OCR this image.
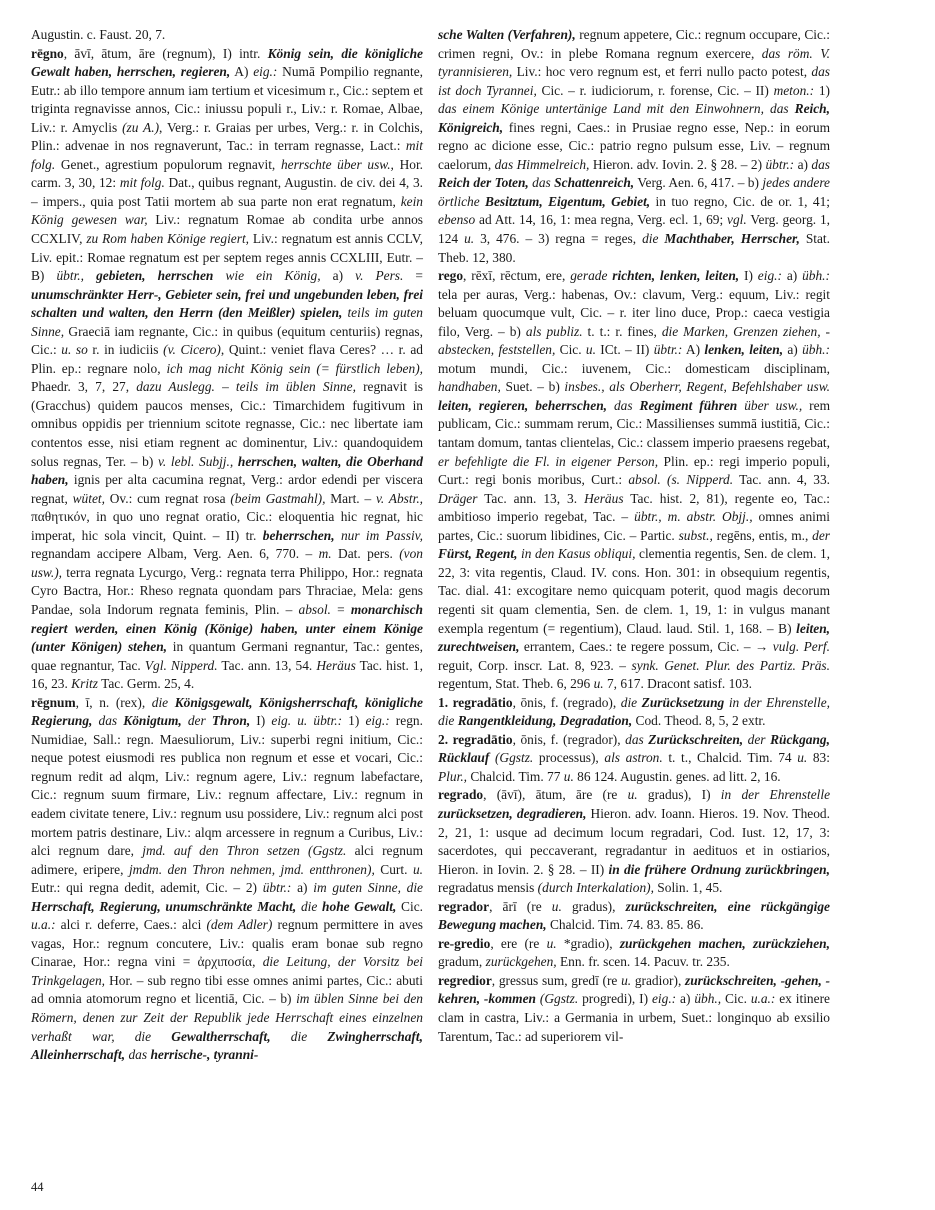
Augustin. c. Faust. 20, 7.

rēgno, āvī, ātum, āre (regnum), I) intr. König sein, die königliche Gewalt haben, herrschen, regieren, A) eig.: Numā Pompilio regnante, Eutr.: ab illo tempore annum iam tertium et vicesimum r., Cic.: septem et triginta regnavisse annos, Cic.: iniussu populi r., Liv.: r. Romae, Albae, Liv.: r. Amyclis (zu A.), Verg.: r. Graias per urbes, Verg.: r. in Colchis, Plin.: advenae in nos regnaverunt, Tac.: in terram regnasse, Lact.: mit folg. Genet., agrestium populorum regnavit, herrschte über usw., Hor. carm. 3, 30, 12: mit folg. Dat., quibus regnant, Augustin. de civ. dei 4, 3. – impers., quia post Tatii mortem ab sua parte non erat regnatum, kein König gewesen war, Liv.: regnatum Romae ab condita urbe annos CCXLIV, zu Rom haben Könige regiert, Liv.: regnatum est annis CCLV, Liv. epit.: Romae regnatum est per septem reges annis CCXLIII, Eutr. – B) übtr., gebieten, herrschen wie ein König, a) v. Pers. = unumschränkter Herr-, Gebieter sein, frei und ungebunden leben, frei schalten und walten, den Herrn (den Meißler) spielen, teils im guten Sinne, Graeciā iam regnante, Cic.: in quibus (equitum centuriis) regnas, Cic.: u. so r. in iudiciis (v. Cicero), Quint.: veniet flava Ceres? … r. ad Plin. ep.: regnare nolo, ich mag nicht König sein (= fürstlich leben), Phaedr. 3, 7, 27, dazu Auslegg. – teils im üblen Sinne, regnavit is (Gracchus) quidem paucos menses, Cic.: Timarchidem fugitivum in omnibus oppidis per triennium scitote regnasse, Cic.: nec libertate iam contentos esse, nisi etiam regnent ac dominentur, Liv.: quandoquidem solus regnas, Ter. – b) v. lebl. Subjj., herrschen, walten, die Oberhand haben, ignis per alta cacumina regnat, Verg.: ardor edendi per viscera regnat, wütet, Ov.: cum regnat rosa (beim Gastmahl), Mart. – v. Abstr., παθητικόν, in quo uno regnat oratio, Cic.: eloquentia hic regnat, hic imperat, hic sola vincit, Quint. – II) tr. beherrschen, nur im Passiv, regnandam accipere Albam, Verg. Aen. 6, 770. – m. Dat. pers. (von usw.), terra regnata Lycurgo, Verg.: regnata terra Philippo, Hor.: regnata Cyro Bactra, Hor.: Rheso regnata quondam pars Thraciae, Mela: gens Pandae, sola Indorum regnata feminis, Plin. – absol. = monarchisch regiert werden, einen König (Könige) haben, unter einem Könige (unter Königen) stehen, in quantum Germani regnantur, Tac.: gentes, quae regnantur, Tac. Vgl. Nipperd. Tac. ann. 13, 54. Heräus Tac. hist. 1, 16, 23. Kritz Tac. Germ. 25, 4.

rēgnum, ī, n. (rex), die Königsgewalt, Königsherrschaft, königliche Regierung, das Königtum, der Thron, I) eig. u. übtr.: 1) eig.: regn. Numidiae, Sall.: regn. Maesuliorum, Liv.: superbi regni initium, Cic.: neque potest eiusmodi res publica non regnum et esse et vocari, Cic.: regnum redit ad alqm, Liv.: regnum agere, Liv.: regnum labefactare, Cic.: regnum suum firmare, Liv.: regnum affectare, Liv.: regnum in eadem civitate tenere, Liv.: regnum usu possidere, Liv.: regnum alci post mortem patris destinare, Liv.: alqm arcessere in regnum a Curibus, Liv.: alci regnum dare, jmd. auf den Thron setzen (Ggstz. alci regnum adimere, eripere, jmdm. den Thron nehmen, jmd. entthronen), Curt. u. Eutr.: qui regna dedit, ademit, Cic. – 2) übtr.: a) im guten Sinne, die Herrschaft, Regierung, unumschränkte Macht, die hohe Gewalt, Cic. u.a.: alci r. deferre, Caes.: alci (dem Adler) regnum permittere in aves vagas, Hor.: regnum concutere, Liv.: qualis eram bonae sub regno Cinarae, Hor.: regna vini = ἀρχιποσία, die Leitung, der Vorsitz bei Trinkgelagen, Hor. – sub regno tibi esse omnes animi partes, Cic.: abuti ad omnia atomorum regno et licentiā, Cic. – b) im üblen Sinne bei den Römern, denen zur Zeit der Republik jede Herrschaft eines einzelnen verhaßt war, die Gewaltherrschaft, die Zwingherrschaft, Alleinherrschaft, das herrische-, tyranni-

sche Walten (Verfahren), regnum appetere, Cic.: regnum occupare, Cic.: crimen regni, Ov.: in plebe Romana regnum exercere, das röm. V. tyrannisieren, Liv.: hoc vero regnum est, et ferri nullo pacto potest, das ist doch Tyrannei, Cic. – r. iudiciorum, r. forense, Cic. – II) meton.: 1) das einem Könige untertänige Land mit den Einwohnern, das Reich, Königreich, fines regni, Caes.: in Prusiae regno esse, Nep.: in eorum regno ac dicione esse, Cic.: patrio regno pulsum esse, Liv. – regnum caelorum, das Himmelreich, Hieron. adv. Iovin. 2. § 28. – 2) übtr.: a) das Reich der Toten, das Schattenreich, Verg. Aen. 6, 417. – b) jedes andere örtliche Besitztum, Eigentum, Gebiet, in tuo regno, Cic. de or. 1, 41; ebenso ad Att. 14, 16, 1: mea regna, Verg. ecl. 1, 69; vgl. Verg. georg. 1, 124 u. 3, 476. – 3) regna = reges, die Machthaber, Herrscher, Stat. Theb. 12, 380.

rego, rēxī, rēctum, ere, gerade richten, lenken, leiten, I) eig.: a) übh.: tela per auras, Verg.: habenas, Ov.: clavum, Verg.: equum, Liv.: regit beluam quocumque vult, Cic. – r. iter lino duce, Prop.: caeca vestigia filo, Verg. – b) als publiz. t. t.: r. fines, die Marken, Grenzen ziehen, -abstecken, feststellen, Cic. u. ICt. – II) übtr.: A) lenken, leiten, a) übh.: motum mundi, Cic.: iuvenem, Cic.: domesticam disciplinam, handhaben, Suet. – b) insbes., als Oberherr, Regent, Befehlshaber usw. leiten, regieren, beherrschen, das Regiment führen über usw., rem publicam, Cic.: summam rerum, Cic.: Massilienses summā iustitiā, Cic.: tantam domum, tantas clientelas, Cic.: classem imperio praesens regebat, er befehligte die Fl. in eigener Person, Plin. ep.: regi imperio populi, Curt.: regi bonis moribus, Curt.: absol. (s. Nipperd. Tac. ann. 4, 33. Dräger Tac. ann. 13, 3. Heräus Tac. hist. 2, 81), regente eo, Tac.: ambitioso imperio regebat, Tac. – übtr., m. abstr. Objj., omnes animi partes, Cic.: suorum libidines, Cic. – Partic. subst., regēns, entis, m., der Fürst, Regent, in den Kasus obliqui, clementia regentis, Sen. de clem. 1, 22, 3: vita regentis, Claud. IV. cons. Hon. 301: in obsequium regentis, Tac. dial. 41: excogitare nemo quicquam poterit, quod magis decorum regenti sit quam clementia, Sen. de clem. 1, 19, 1: in vulgus manant exempla regentum (= regentium), Claud. laud. Stil. 1, 168. – B) leiten, zurechtweisen, errantem, Caes.: te regere possum, Cic. – → vulg. Perf. reguit, Corp. inscr. Lat. 8, 923. – synk. Genet. Plur. des Partiz. Präs. regentum, Stat. Theb. 6, 296 u. 7, 617. Dracont satisf. 103.

1. regradātio, ōnis, f. (regrado), die Zurücksetzung in der Ehrenstelle, die Rangentkleidung, Degradation, Cod. Theod. 8, 5, 2 extr.

2. regradātio, ōnis, f. (regrador), das Zurückschreiten, der Rückgang, Rücklauf (Ggstz. processus), als astron. t. t., Chalcid. Tim. 74 u. 83: Plur., Chalcid. Tim. 77 u. 86 124. Augustin. genes. ad litt. 2, 16.

regrado, (āvī), ātum, āre (re u. gradus), I) in der Ehrenstelle zurücksetzen, degradieren, Hieron. adv. Ioann. Hieros. 19. Nov. Theod. 2, 21, 1: usque ad decimum locum regradari, Cod. Iust. 12, 17, 3: sacerdotes, qui peccaverant, regradantur in aedituos et in ostiarios, Hieron. in Iovin. 2. § 28. – II) in die frühere Ordnung zurückbringen, regradatus mensis (durch Interkalation), Solin. 1, 45.

regrador, ārī (re u. gradus), zurückschreiten, eine rückgängige Bewegung machen, Chalcid. Tim. 74. 83. 85. 86.

re-gredio, ere (re u. *gradio), zurückgehen machen, zurückziehen, gradum, zurückgehen, Enn. fr. scen. 14. Pacuv. tr. 235.

regredior, gressus sum, gredī (re u. gradior), zurückschreiten, -gehen, -kehren, -kommen (Ggstz. progredi), I) eig.: a) übh., Cic. u.a.: ex itinere clam in castra, Liv.: a Germania in urbem, Suet.: longinquo ab exsilio Tarentum, Tac.: ad superiorem vil-

44
